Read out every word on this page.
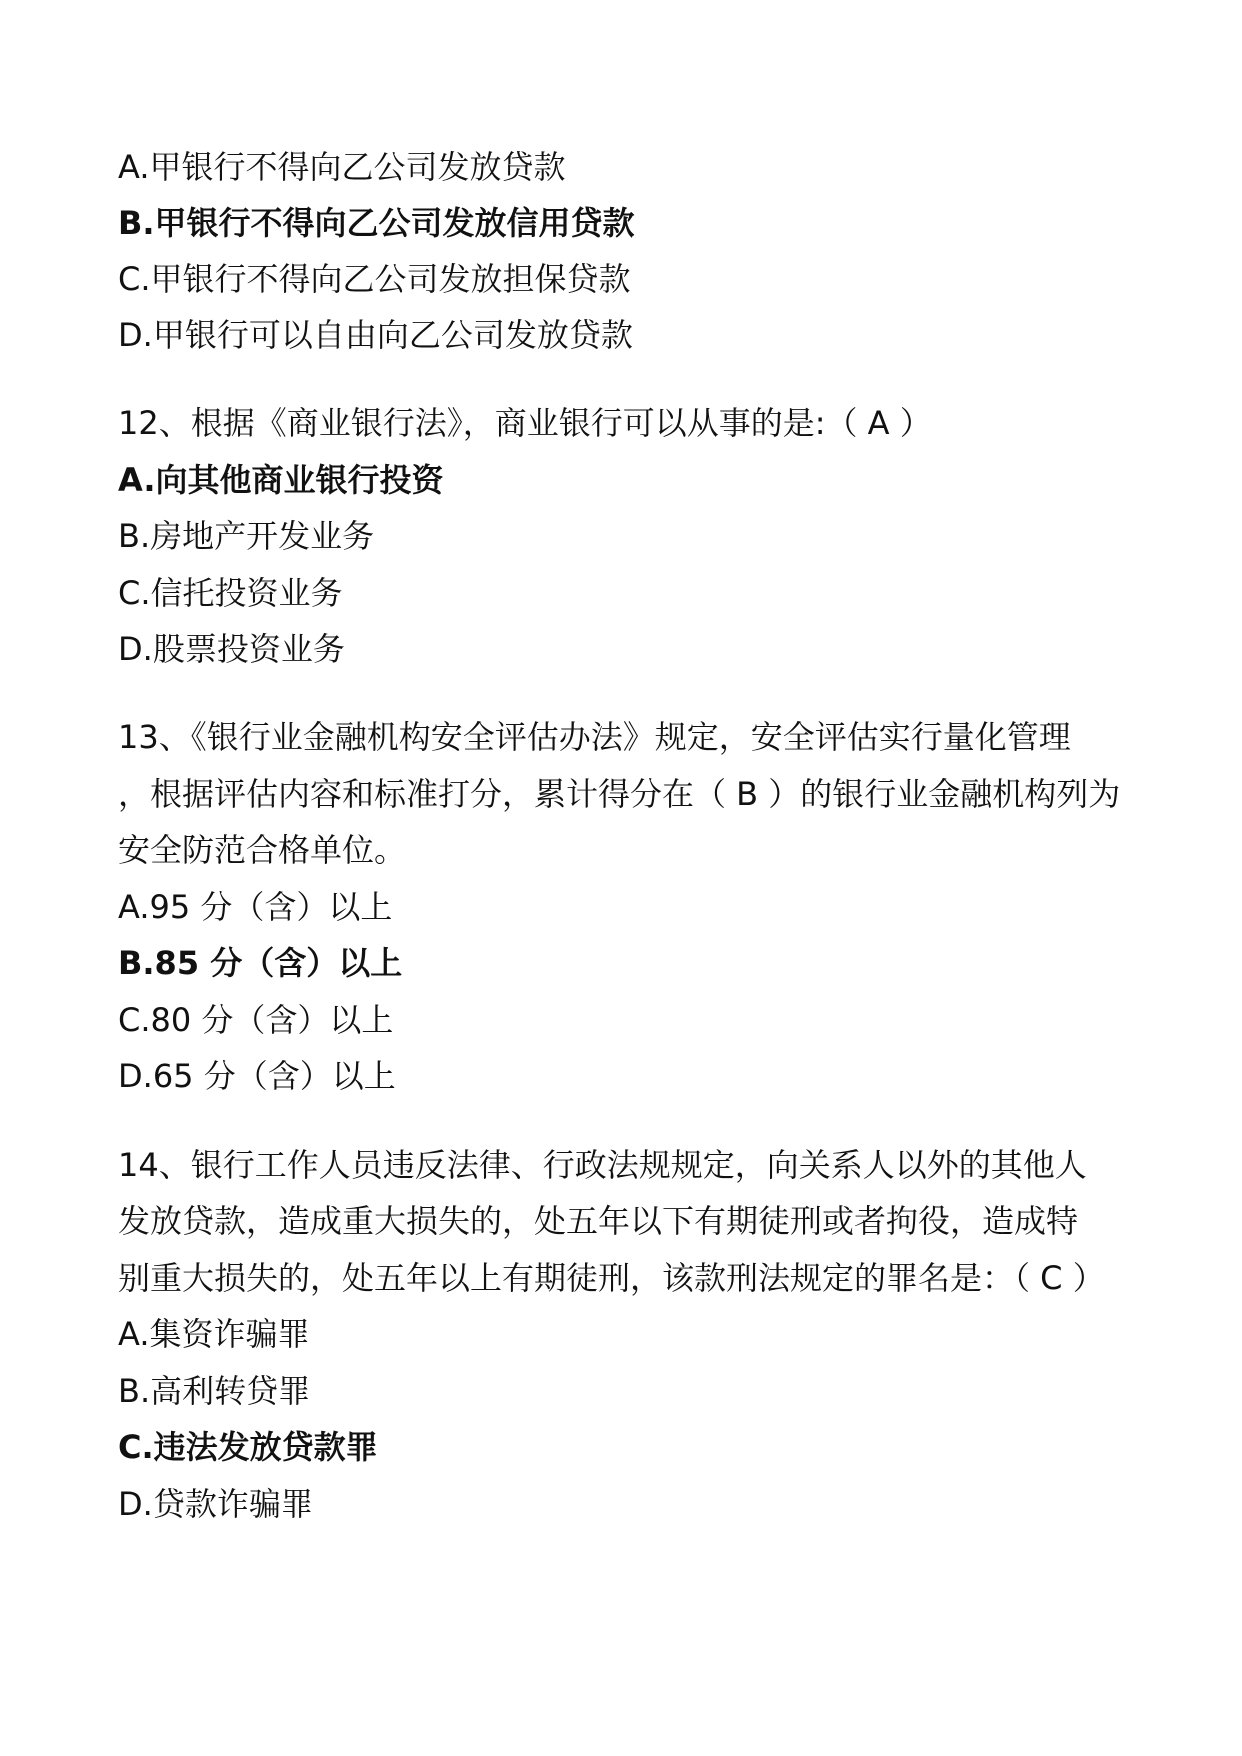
A.甲银行不得向乙公司发放贷款
B.甲银行不得向乙公司发放信用贷款
C.甲银行不得向乙公司发放担保贷款
D.甲银行可以自由向乙公司发放贷款
12、根据《商业银行法》，商业银行可以从事的是:（ A ）
A.向其他商业银行投资
B.房地产开发业务
C.信托投资业务
D.股票投资业务
13、《银行业金融机构安全评估办法》规定，安全评估实行量化管理
，根据评估内容和标准打分，累计得分在（ B ）的银行业金融机构列为
安全防范合格单位。
A.95 分（含）以上
B.85 分（含）以上
C.80 分（含）以上
D.65 分（含）以上
14、银行工作人员违反法律、行政法规规定，向关系人以外的其他人
发放贷款，造成重大损失的，处五年以下有期徒刑或者拘役，造成特
别重大损失的，处五年以上有期徒刑，该款刑法规定的罪名是：（ C ）
A.集资诈骗罪
B.高利转贷罪
C.违法发放贷款罪
D.贷款诈骗罪
